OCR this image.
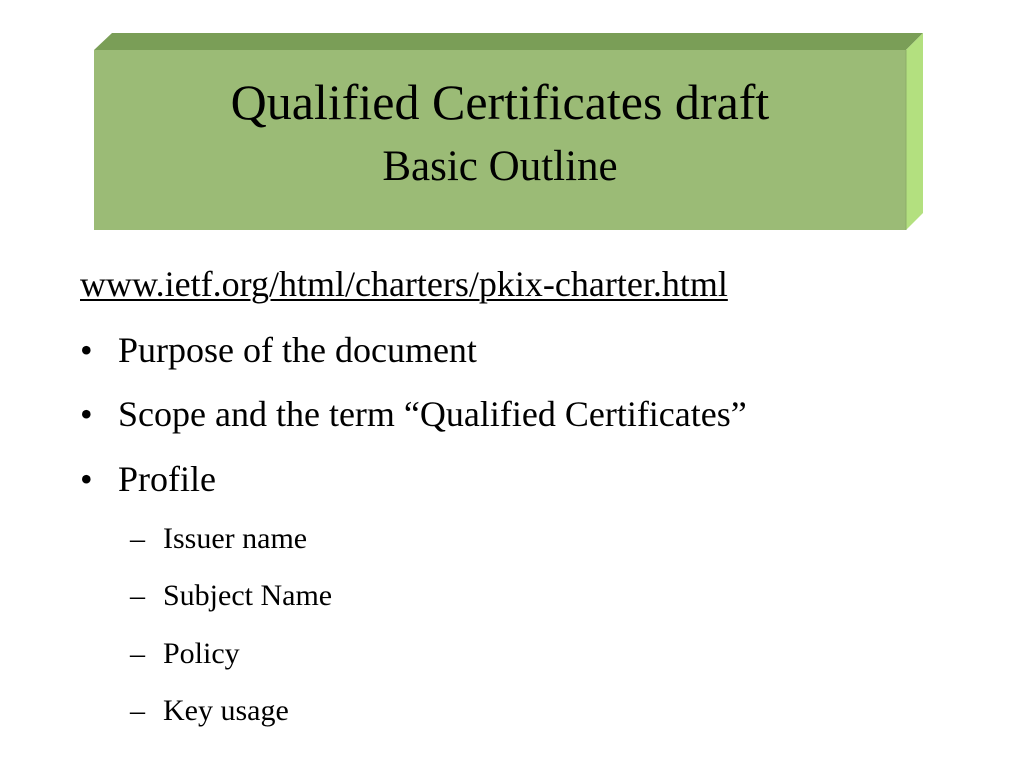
Qualified Certificates draft
Basic Outline
www.ietf.org/html/charters/pkix-charter.html
• Purpose of the document
• Scope and the term “Qualified Certificates”
• Profile
– Issuer name
– Subject Name
– Policy
– Key usage
